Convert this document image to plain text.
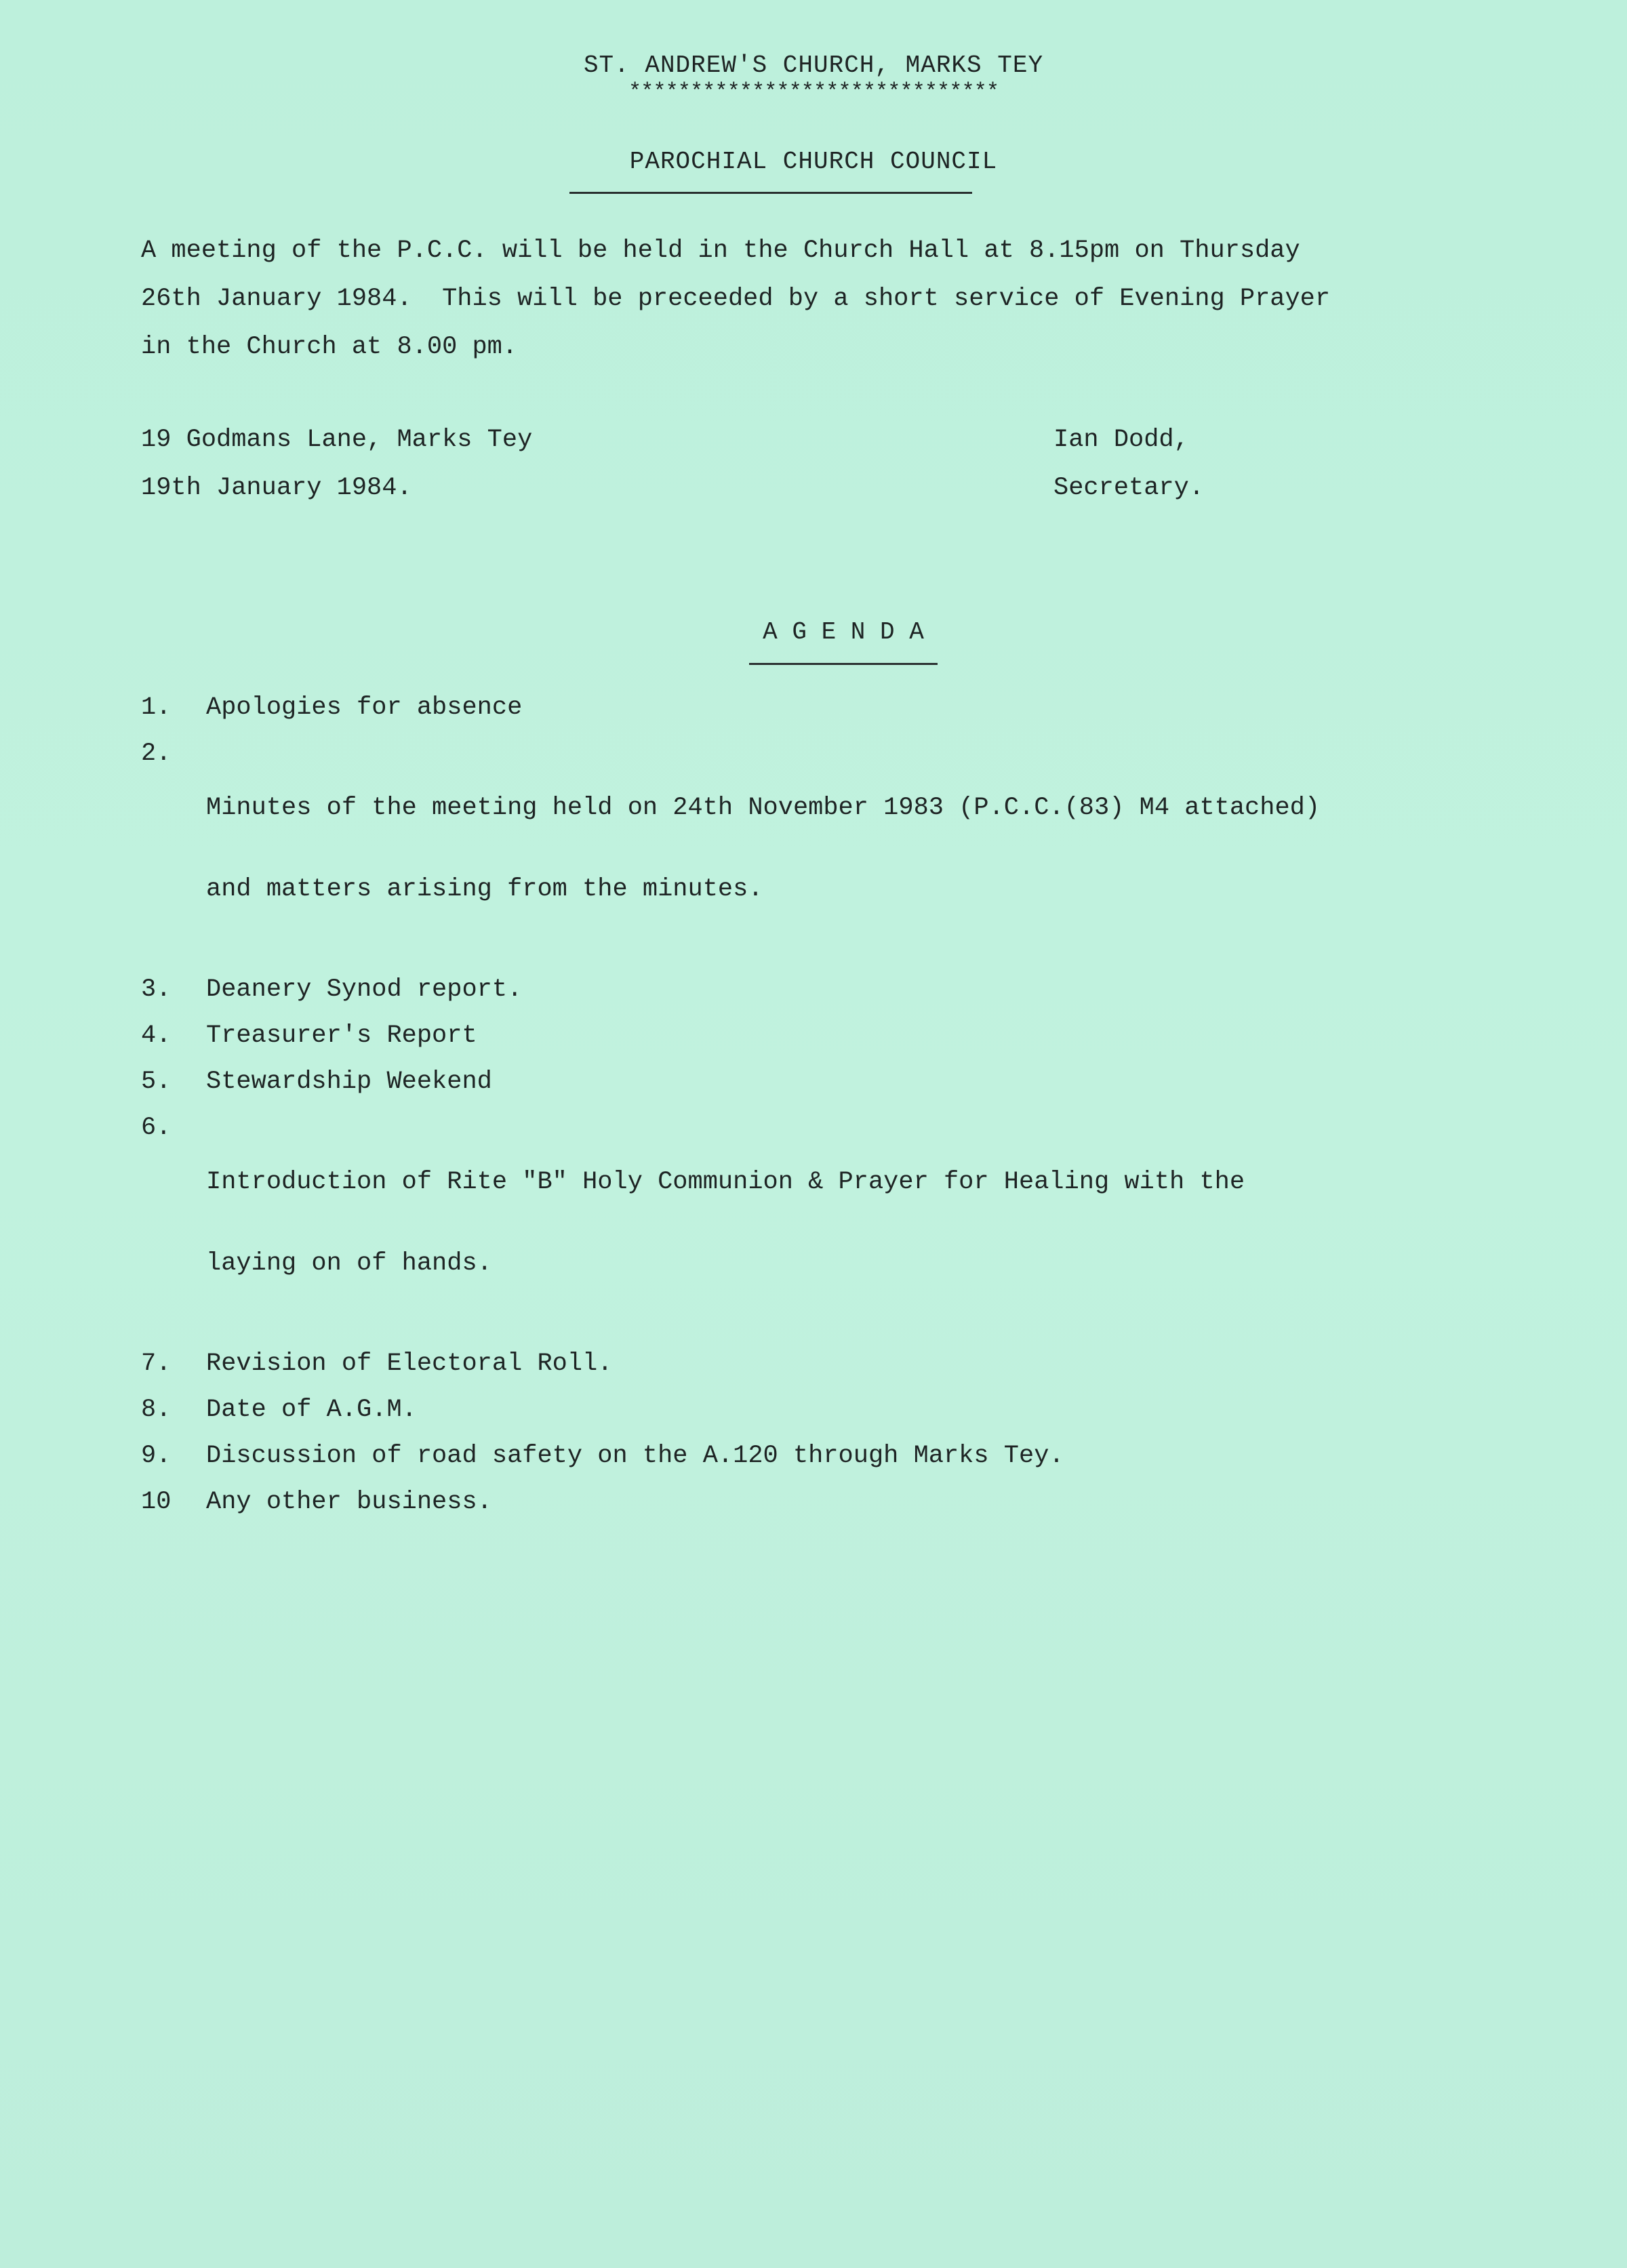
ST. ANDREW'S CHURCH, MARKS TEY
******************************
PAROCHIAL CHURCH COUNCIL
A meeting of the P.C.C. will be held in the Church Hall at 8.15pm on Thursday
26th January 1984.  This will be preceeded by a short service of Evening Prayer
in the Church at 8.00 pm.
19 Godmans Lane, Marks Tey
19th January 1984.
Ian Dodd,
Secretary.
A G E N D A
1.	Apologies for absence
2.

Minutes of the meeting held on 24th November 1983 (P.C.C.(83) M4 attached)

and matters arising from the minutes.

3.	Deanery Synod report.
4.	Treasurer's Report
5.	Stewardship Weekend
6.

Introduction of Rite "B" Holy Communion & Prayer for Healing with the

laying on of hands.

7.	Revision of Electoral Roll.
8.	Date of A.G.M.
9.	Discussion of road safety on the A.120 through Marks Tey.
10	Any other business.
